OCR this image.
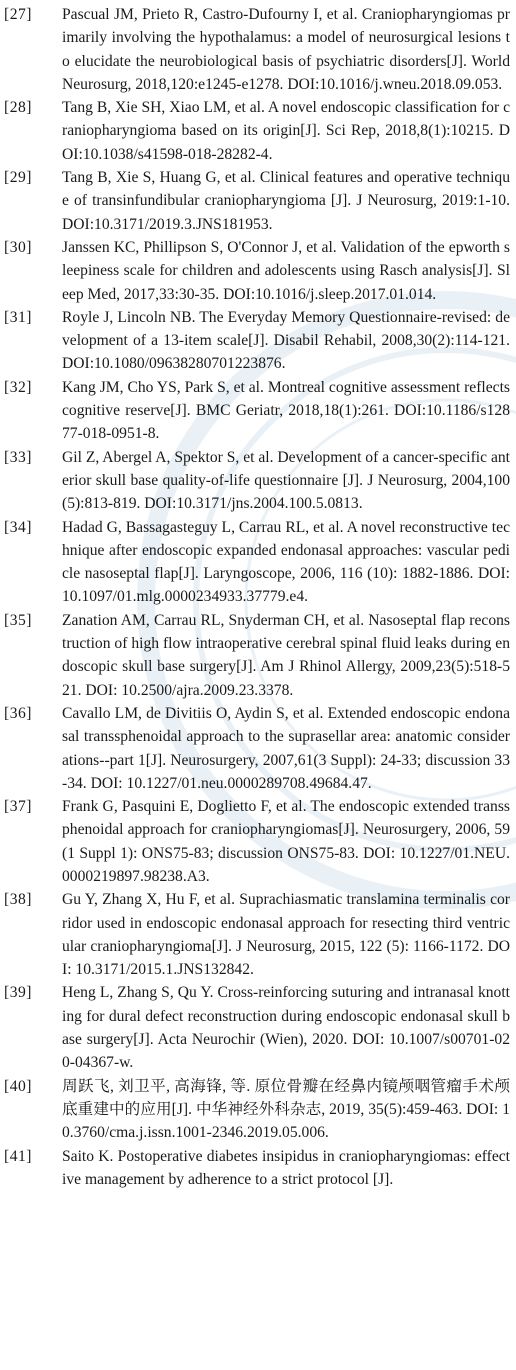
[27]	Pascual JM, Prieto R, Castro-Dufourny I, et al. Craniopharyngiomas primarily involving the hypothalamus: a model of neurosurgical lesions to elucidate the neurobiological basis of psychiatric disorders[J]. World Neurosurg, 2018,120:e1245-e1278. DOI:10.1016/j.wneu.2018.09.053.
[28]	Tang B, Xie SH, Xiao LM, et al. A novel endoscopic classification for craniopharyngioma based on its origin[J]. Sci Rep, 2018,8(1):10215. DOI:10.1038/s41598-018-28282-4.
[29]	Tang B, Xie S, Huang G, et al. Clinical features and operative technique of transinfundibular craniopharyngioma [J]. J Neurosurg, 2019:1-10. DOI:10.3171/2019.3.JNS181953.
[30]	Janssen KC, Phillipson S, O'Connor J, et al. Validation of the epworth sleepiness scale for children and adolescents using Rasch analysis[J]. Sleep Med, 2017,33:30-35. DOI:10.1016/j.sleep.2017.01.014.
[31]	Royle J, Lincoln NB. The Everyday Memory Questionnaire-revised: development of a 13-item scale[J]. Disabil Rehabil, 2008,30(2):114-121. DOI:10.1080/09638280701223876.
[32]	Kang JM, Cho YS, Park S, et al. Montreal cognitive assessment reflects cognitive reserve[J]. BMC Geriatr, 2018,18(1):261. DOI:10.1186/s12877-018-0951-8.
[33]	Gil Z, Abergel A, Spektor S, et al. Development of a cancer-specific anterior skull base quality-of-life questionnaire [J]. J Neurosurg, 2004,100(5):813-819. DOI:10.3171/jns.2004.100.5.0813.
[34]	Hadad G, Bassagasteguy L, Carrau RL, et al. A novel reconstructive technique after endoscopic expanded endonasal approaches: vascular pedicle nasoseptal flap[J]. Laryngoscope, 2006, 116 (10): 1882-1886. DOI: 10.1097/01.mlg.0000234933.37779.e4.
[35]	Zanation AM, Carrau RL, Snyderman CH, et al. Nasoseptal flap reconstruction of high flow intraoperative cerebral spinal fluid leaks during endoscopic skull base surgery[J]. Am J Rhinol Allergy, 2009,23(5):518-521. DOI: 10.2500/ajra.2009.23.3378.
[36]	Cavallo LM, de Divitiis O, Aydin S, et al. Extended endoscopic endonasal transsphenoidal approach to the suprasellar area: anatomic considerations--part 1[J]. Neurosurgery, 2007,61(3 Suppl): 24-33; discussion 33-34. DOI: 10.1227/01.neu.0000289708.49684.47.
[37]	Frank G, Pasquini E, Doglietto F, et al. The endoscopic extended transsphenoidal approach for craniopharyngiomas[J]. Neurosurgery, 2006, 59 (1 Suppl 1): ONS75-83; discussion ONS75-83. DOI: 10.1227/01.NEU.0000219897.98238.A3.
[38]	Gu Y, Zhang X, Hu F, et al. Suprachiasmatic translamina terminalis corridor used in endoscopic endonasal approach for resecting third ventricular craniopharyngioma[J]. J Neurosurg, 2015, 122 (5): 1166-1172. DOI: 10.3171/2015.1.JNS132842.
[39]	Heng L, Zhang S, Qu Y. Cross-reinforcing suturing and intranasal knotting for dural defect reconstruction during endoscopic endonasal skull base surgery[J]. Acta Neurochir (Wien), 2020. DOI: 10.1007/s00701-020-04367-w.
[40]	周跃飞, 刘卫平, 高海锋, 等. 原位骨瓣在经鼻内镜颅咽管瘤手术颅底重建中的应用[J]. 中华神经外科杂志, 2019, 35(5):459-463. DOI: 10.3760/cma.j.issn.1001-2346.2019.05.006.
[41]	Saito K. Postoperative diabetes insipidus in craniopharyngiomas: effective management by adherence to a strict protocol [J].
